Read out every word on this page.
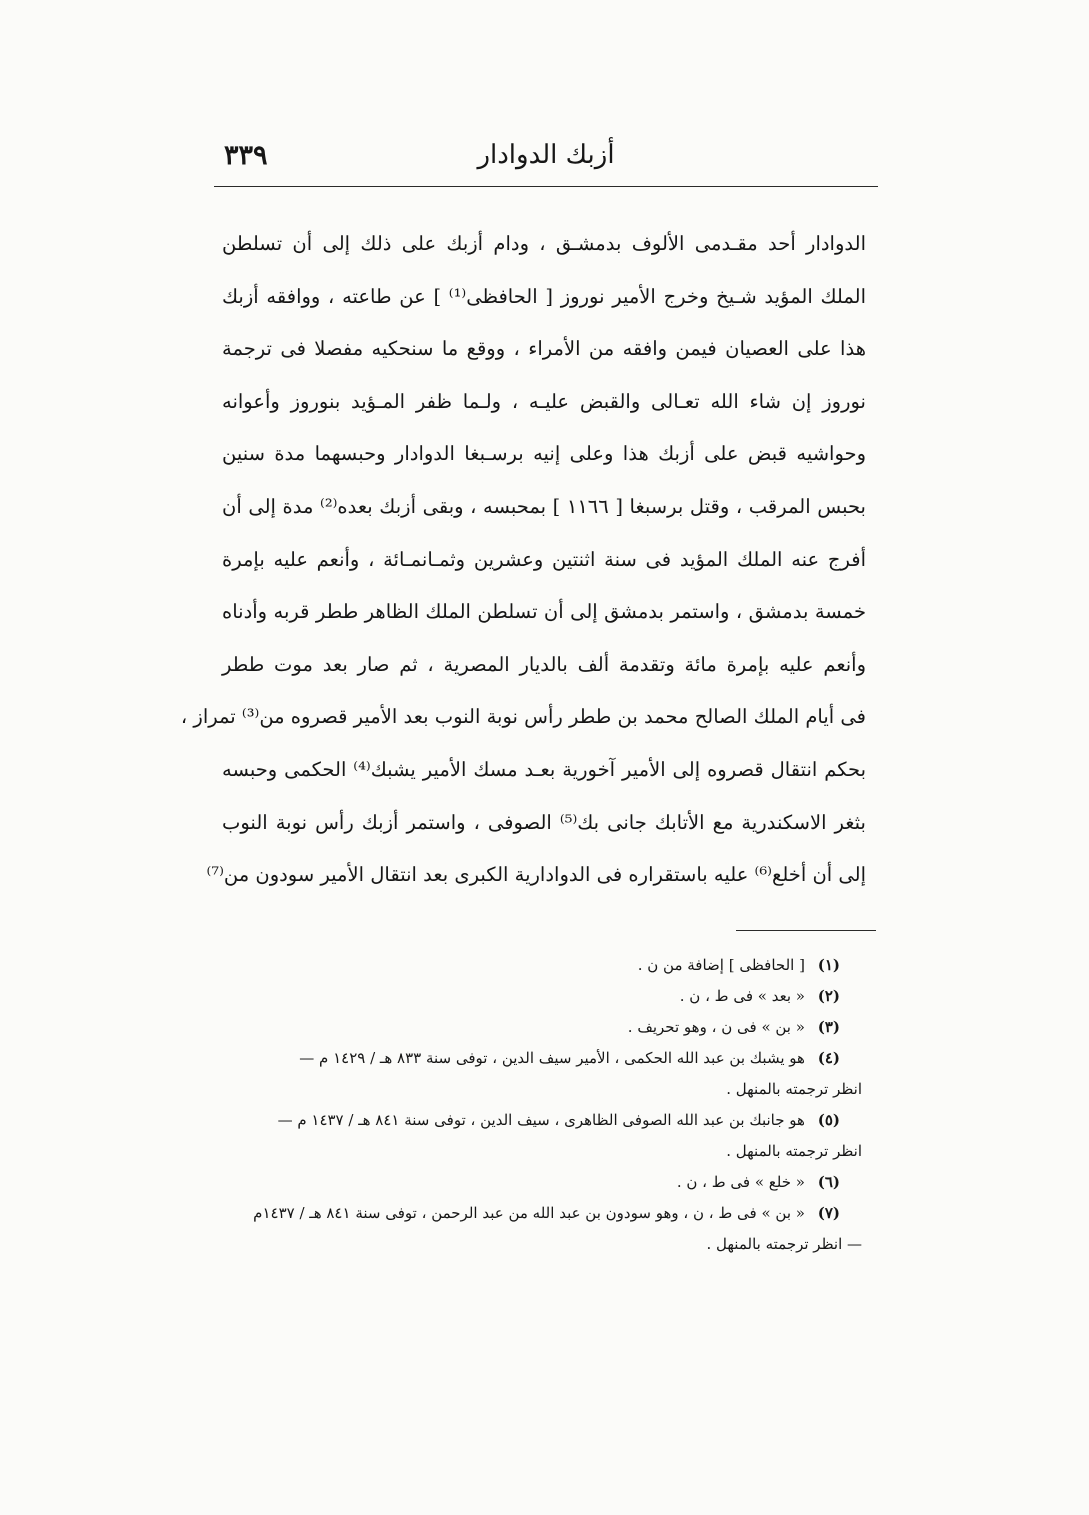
٣٣٩	أزبك الدوادار
الدوادار أحد مقـدمى الألوف بدمشـق ، ودام أزبك على ذلك إلى أن تسلطن
الملك المؤيد شـيخ وخرج الأمير نوروز [ الحافظى⁽¹⁾ ] عن طاعته ، ووافقه أزبك
هذا على العصيان فيمن وافقه من الأمراء ، ووقع ما سنحكيه مفصلا فى ترجمة
نوروز إن شاء الله تعـالى والقبض عليـه ، ولـما ظفر المـؤيد بنوروز وأعوانه
وحواشيه قبض على أزبك هذا وعلى إنيه برسـبغا الدوادار وحبسهما مدة سنين
بحبس المرقب ، وقتل برسبغا [ ١١٦٦ ] بمحبسه ، وبقى أزبك بعده⁽²⁾ مدة إلى أن
أفرج عنه الملك المؤيد فى سنة اثنتين وعشرين وثمـانمـائة ، وأنعم عليه بإمرة
خمسة بدمشق ، واستمر بدمشق إلى أن تسلطن الملك الظاهر ططر قربه وأدناه
وأنعم عليه بإمرة مائة وتقدمة ألف بالديار المصرية ، ثم صار بعد موت ططر
فى أيام الملك الصالح محمد بن ططر رأس نوبة النوب بعد الأمير قصروه من⁽³⁾ تمراز ،
بحكم انتقال قصروه إلى الأمير آخورية بعـد مسك الأمير يشبك⁽⁴⁾ الحكمى وحبسه
بثغر الاسكندرية مع الأتابك جانى بك⁽⁵⁾ الصوفى ، واستمر أزبك رأس نوبة النوب
إلى أن أخلع⁽⁶⁾ عليه باستقراره فى الدوادارية الكبرى بعد انتقال الأمير سودون من⁽⁷⁾
(١) [ الحافظى ] إضافة من ن .
(٢) « بعد » فى ط ، ن .
(٣) « بن » فى ن ، وهو تحريف .
(٤) هو يشبك بن عبد الله الحكمى ، الأمير سيف الدين ، توفى سنة ٨٣٣ هـ / ١٤٢٩ م —
انظر ترجمته بالمنهل .
(٥) هو جانبك بن عبد الله الصوفى الظاهرى ، سيف الدين ، توفى سنة ٨٤١ هـ / ١٤٣٧ م —
انظر ترجمته بالمنهل .
(٦) « خلع » فى ط ، ن .
(٧) « بن » فى ط ، ن ، وهو سودون بن عبد الله من عبد الرحمن ، توفى سنة ٨٤١ هـ / ١٤٣٧م
— انظر ترجمته بالمنهل .
